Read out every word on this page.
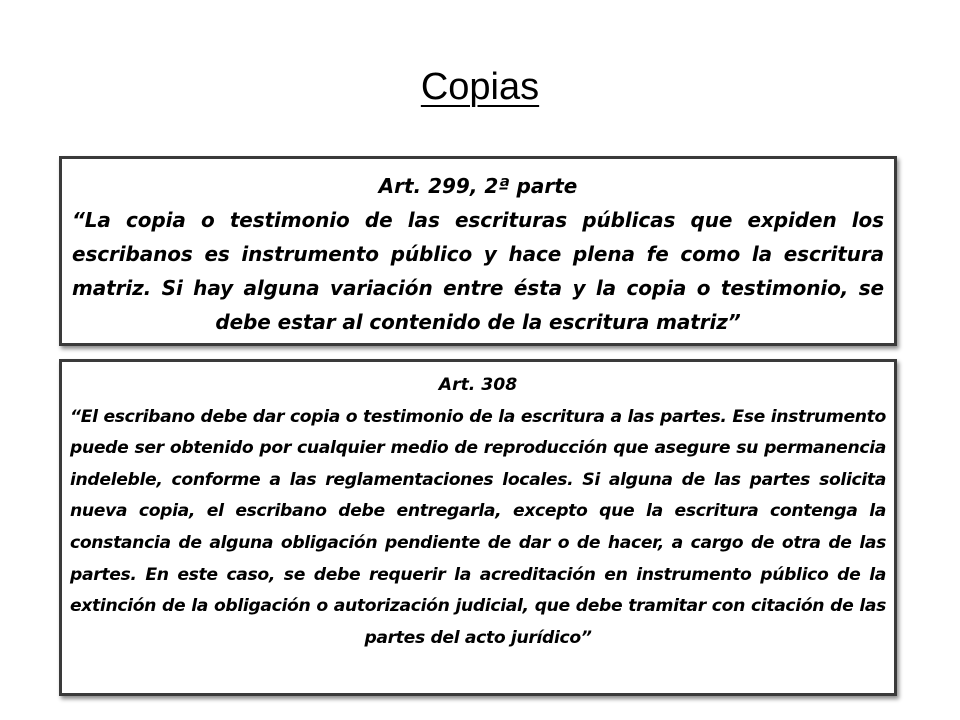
Copias
Art. 299, 2ª parte
“La copia o testimonio de las escrituras públicas que expiden los escribanos es instrumento público y hace plena fe como la escritura matriz. Si hay alguna variación entre ésta y la copia o testimonio, se debe estar al contenido de la escritura matriz”
Art. 308
“El escribano debe dar copia o testimonio de la escritura a las partes. Ese instrumento puede ser obtenido por cualquier medio de reproducción que asegure su permanencia indeleble, conforme a las reglamentaciones locales. Si alguna de las partes solicita nueva copia, el escribano debe entregarla, excepto que la escritura contenga la constancia de alguna obligación pendiente de dar o de hacer, a cargo de otra de las partes. En este caso, se debe requerir la acreditación en instrumento público de la extinción de la obligación o autorización judicial, que debe tramitar con citación de las partes del acto jurídico”
